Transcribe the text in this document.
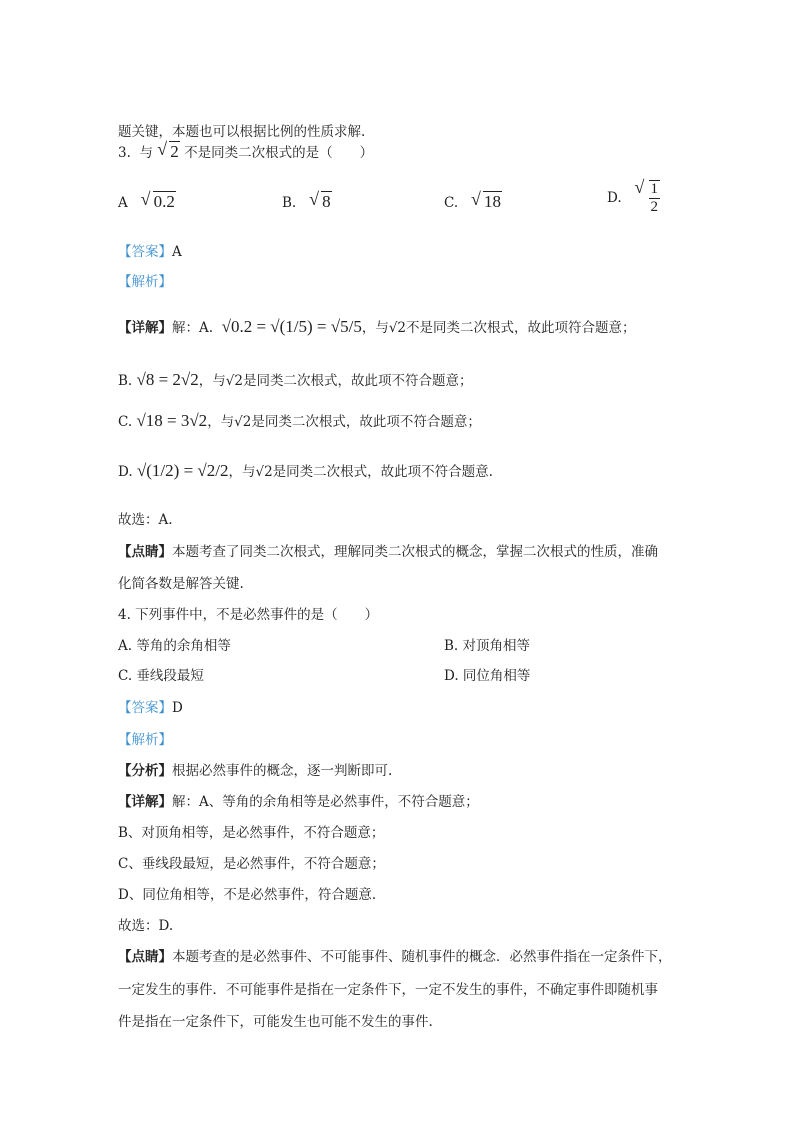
题关键，本题也可以根据比例的性质求解.
3. 与 √ 2 不是同类二次根式的是（　　）
A √ 0.2	B. √ 8	C. √ 18	D. √ $\frac{1}{2}$
【答案】A
【解析】
【详解】解：A. √0.2 = √(1/5) = √5/5，与√2不是同类二次根式，故此项符合题意；
B. √8 = 2√2，与√2是同类二次根式，故此项不符合题意；
C. √18 = 3√2，与√2是同类二次根式，故此项不符合题意；
D. √(1/2) = √2/2，与√2是同类二次根式，故此项不符合题意.
故选：A.
【点睛】本题考查了同类二次根式，理解同类二次根式的概念，掌握二次根式的性质，准确
化简各数是解答关键.
4. 下列事件中，不是必然事件的是（　　）
A. 等角的余角相等	B. 对顶角相等
C. 垂线段最短	D. 同位角相等
【答案】D
【解析】
【分析】根据必然事件的概念，逐一判断即可.
【详解】解：A、等角的余角相等是必然事件，不符合题意；
B、对顶角相等，是必然事件，不符合题意；
C、垂线段最短，是必然事件，不符合题意；
D、同位角相等，不是必然事件，符合题意.
故选：D.
【点睛】本题考查的是必然事件、不可能事件、随机事件的概念．必然事件指在一定条件下，
一定发生的事件．不可能事件是指在一定条件下，一定不发生的事件，不确定事件即随机事
件是指在一定条件下，可能发生也可能不发生的事件.
